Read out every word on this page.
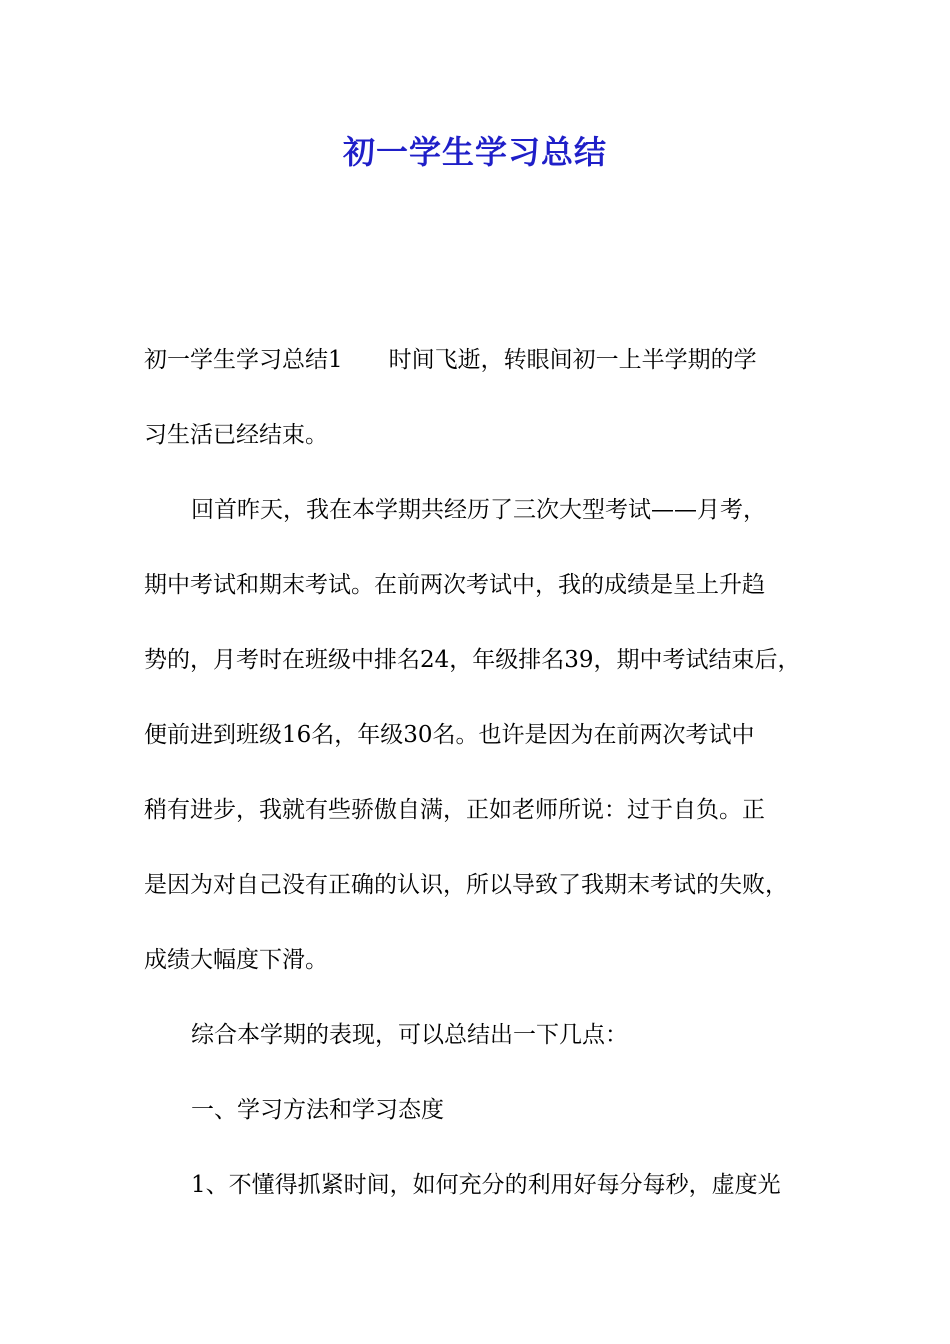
初一学生学习总结
初一学生学习总结1　　时间飞逝，转眼间初一上半学期的学
习生活已经结束。
回首昨天，我在本学期共经历了三次大型考试——月考，
期中考试和期末考试。在前两次考试中，我的成绩是呈上升趋
势的，月考时在班级中排名24，年级排名39，期中考试结束后，
便前进到班级16名，年级30名。也许是因为在前两次考试中
稍有进步，我就有些骄傲自满，正如老师所说：过于自负。正
是因为对自己没有正确的认识，所以导致了我期末考试的失败，
成绩大幅度下滑。
综合本学期的表现，可以总结出一下几点：
一、学习方法和学习态度
1、不懂得抓紧时间，如何充分的利用好每分每秒，虚度光
